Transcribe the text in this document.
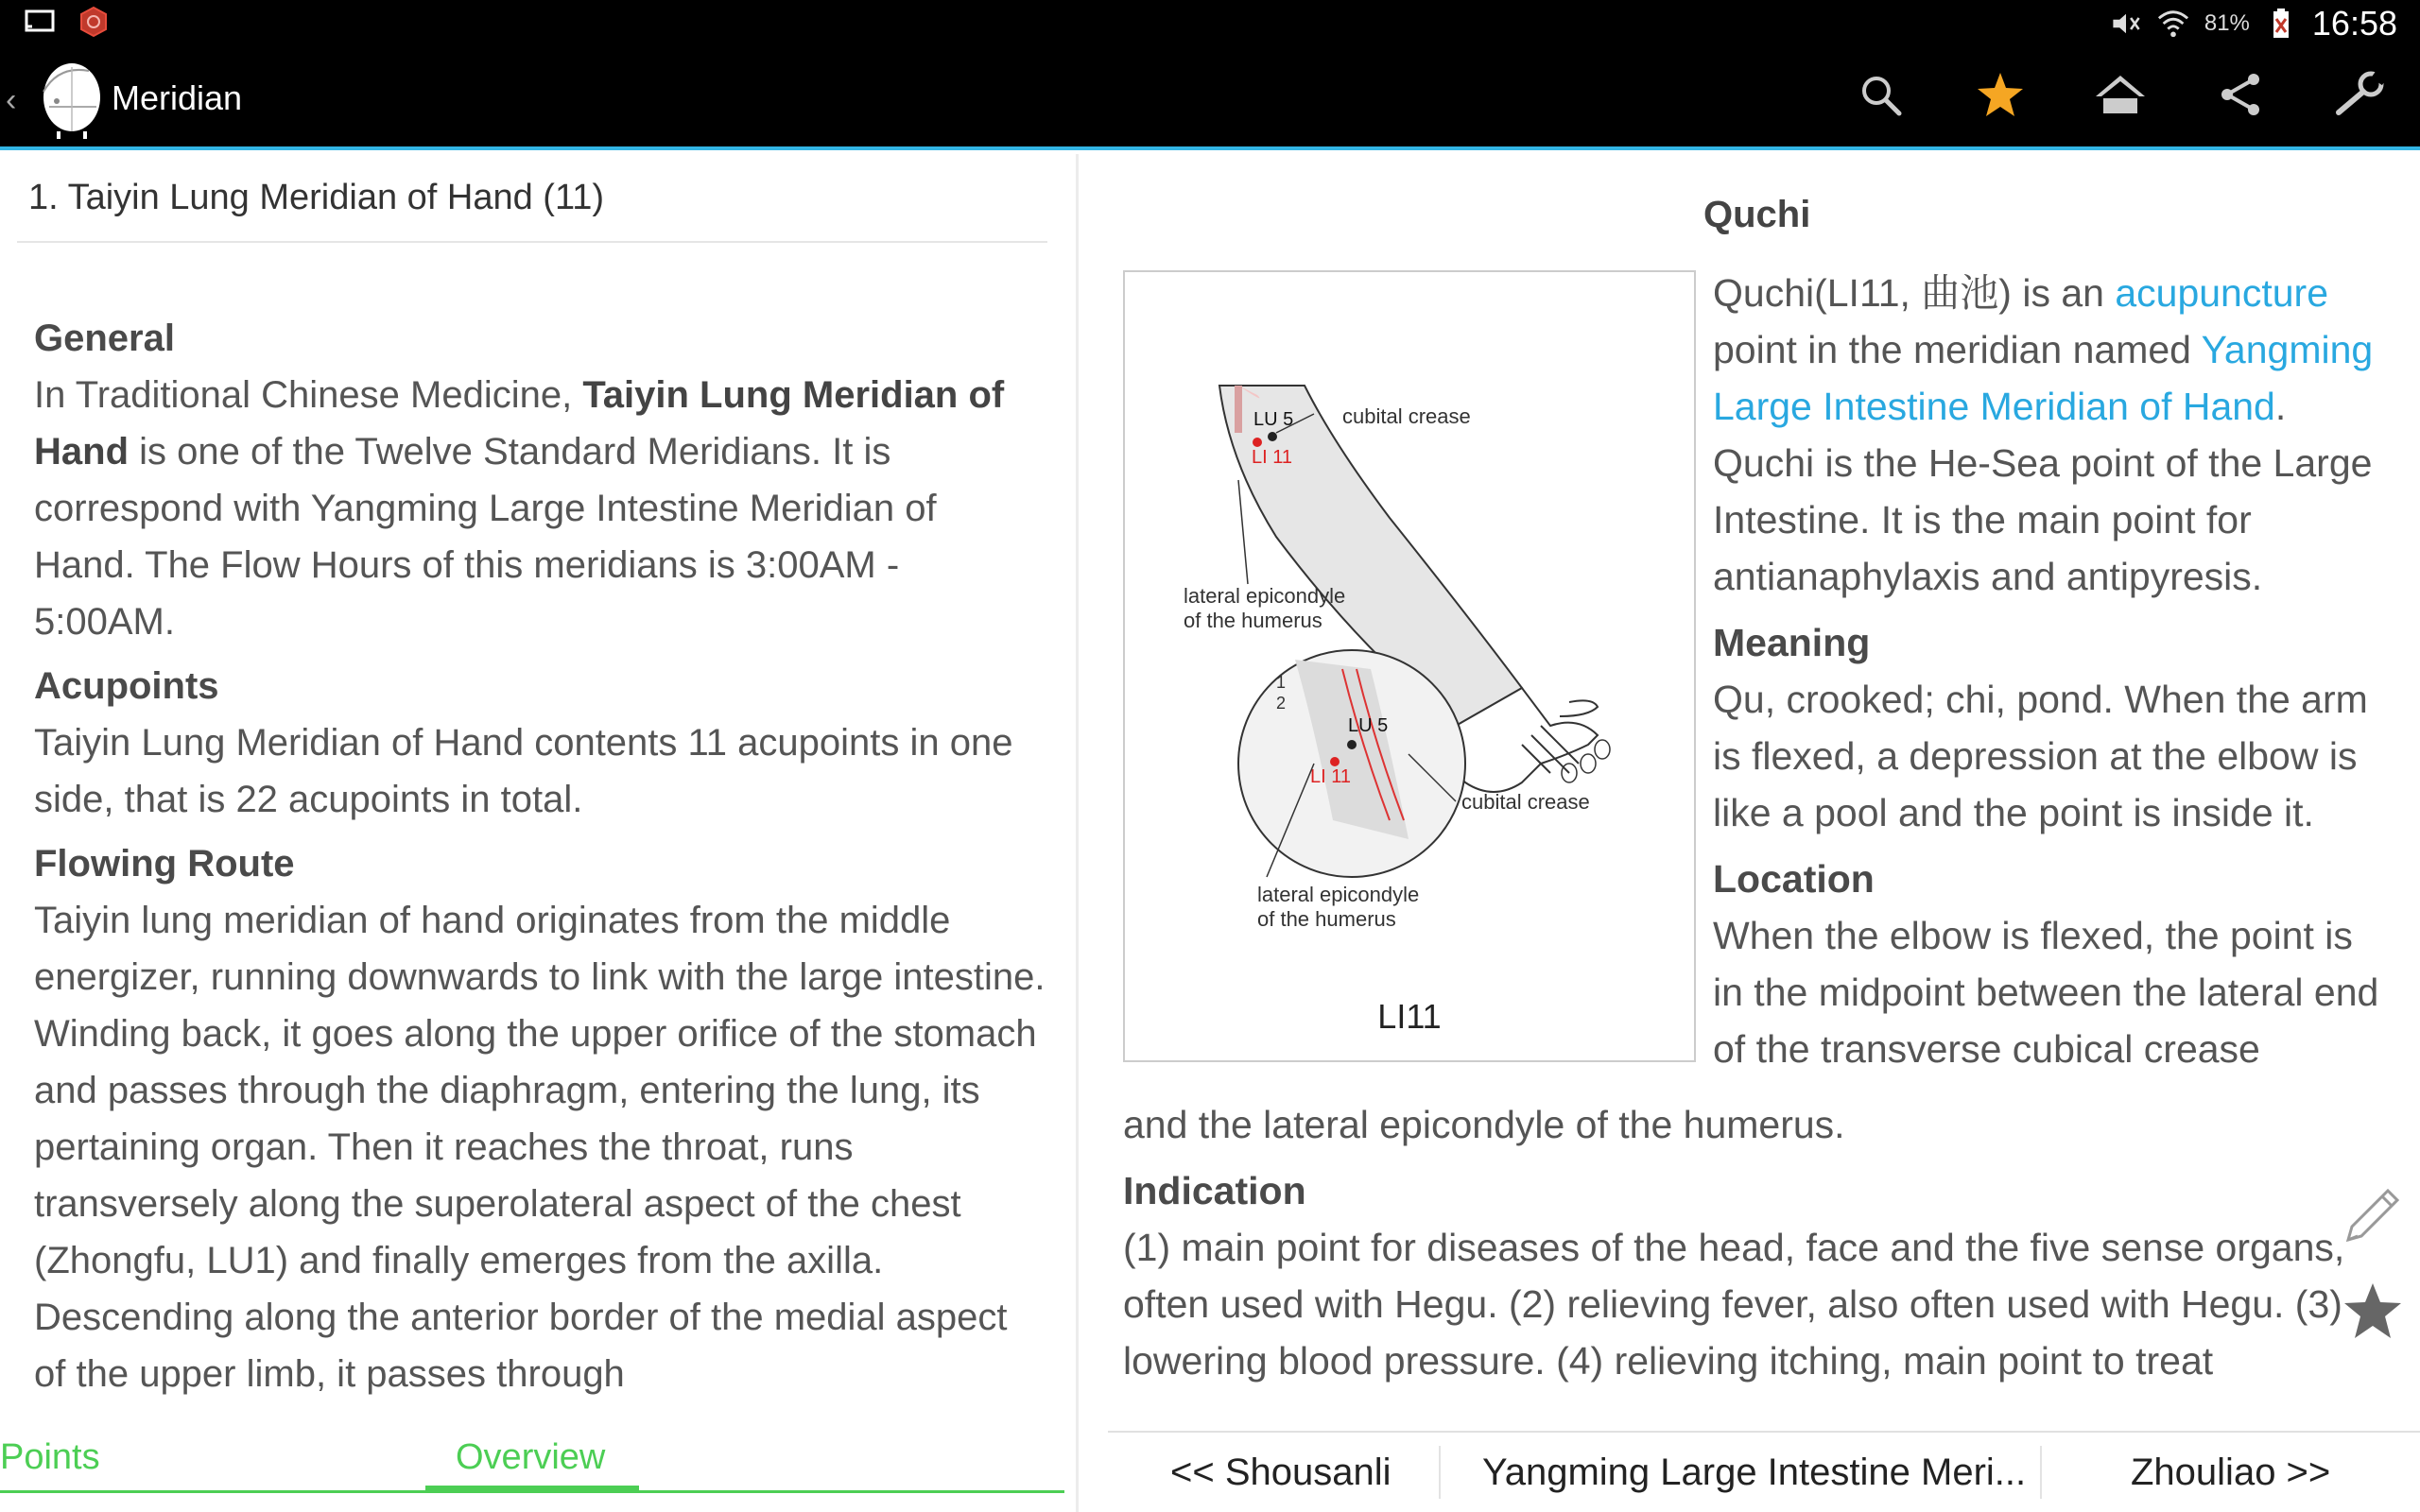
81% 16:58
‹	Meridian
1. Taiyin Lung Meridian of Hand (11)
General
In Traditional Chinese Medicine, Taiyin Lung Meridian of Hand is one of the Twelve Standard Meridians. It is correspond with Yangming Large Intestine Meridian of Hand. The Flow Hours of this meridians is 3:00AM - 5:00AM.
Acupoints
Taiyin Lung Meridian of Hand contents 11 acupoints in one side, that is 22 acupoints in total.
Flowing Route
Taiyin lung meridian of hand originates from the middle energizer, running downwards to link with the large intestine. Winding back, it goes along the upper orifice of the stomach and passes through the diaphragm, entering the lung, its pertaining organ. Then it reaches the throat, runs transversely along the superolateral aspect of the chest (Zhongfu, LU1) and finally emerges from the axilla. Descending along the anterior border of the medial aspect of the upper limb, it passes through
Points	Overview
Quchi
LU 5
LI 11
cubital crease
lateral epicondyle
of the humerus
1
2
LU 5
LI 11
cubital crease
lateral epicondyle
of the humerus
LI11
Quchi(LI11, 曲池) is an acupuncture point in the meridian named Yangming Large Intestine Meridian of Hand. Quchi is the He-Sea point of the Large Intestine. It is the main point for antianaphylaxis and antipyresis.
Meaning
Qu, crooked; chi, pond. When the arm is flexed, a depression at the elbow is like a pool and the point is inside it.
Location
When the elbow is flexed, the point is in the midpoint between the lateral end of the transverse cubical crease
and the lateral epicondyle of the humerus.
Indication
(1) main point for diseases of the head, face and the five sense organs, often used with Hegu. (2) relieving fever, also often used with Hegu. (3) lowering blood pressure. (4) relieving itching, main point to treat
<< Shousanli Yangming Large Intestine Meri...	Zhouliao >>
